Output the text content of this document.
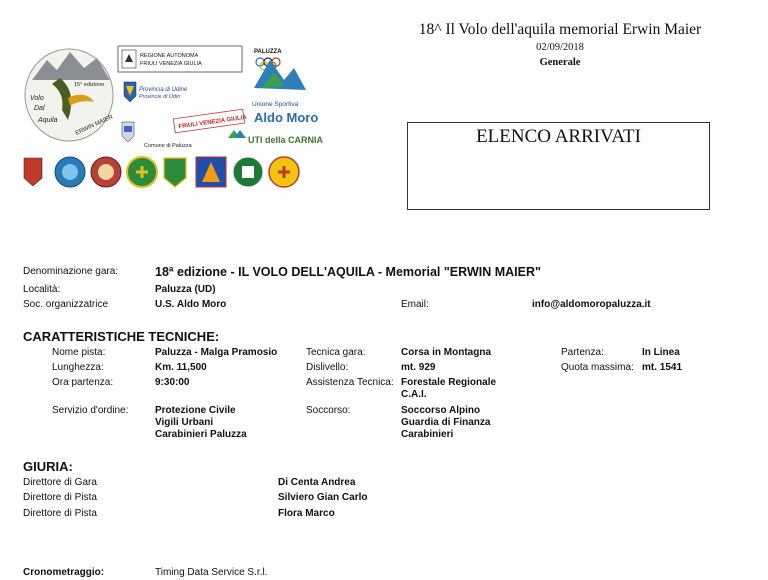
18^ Il Volo dell'aquila memorial Erwin Maier
02/09/2018
Generale
ELENCO ARRIVATI
15° edizione
Volo
Dal
Aquila	ERWIN MAIER
REGIONE AUTONOMA
FRIULI VENEZIA GIULIA
PALUZZA
Provincia di Udine
Provincie di Udin
Unione Sportiva
Aldo Moro
FRIULI VENEZIA GIULIA
Comune di Paluzza
UTI della CARNIA
Denominazione gara:	18ª edizione - IL VOLO DELL'AQUILA - Memorial "ERWIN MAIER"
Località:	Paluzza (UD)
Soc. organizzatrice	U.S. Aldo Moro	Email:	info@aldomoropaluzza.it
CARATTERISTICHE TECNICHE:
Nome pista:	Paluzza - Malga Pramosio	Tecnica gara:	Corsa in Montagna	Partenza:	In Linea
Lunghezza:	Km. 11,500	Dislivello:	mt. 929	Quota massima: mt. 1541
Ora partenza:	9:30:00	Assistenza Tecnica: Forestale Regionale
C.A.I.
Servizio d'ordine:	Protezione Civile
Vigili Urbani
Carabinieri Paluzza
Soccorso:	Soccorso Alpino
Guardia di Finanza
Carabinieri
GIURIA:
Direttore di Gara	Di Centa Andrea
Direttore di Pista	Silviero Gian Carlo
Direttore di Pista	Flora Marco
Cronometraggio:	Timing Data Service S.r.l.
